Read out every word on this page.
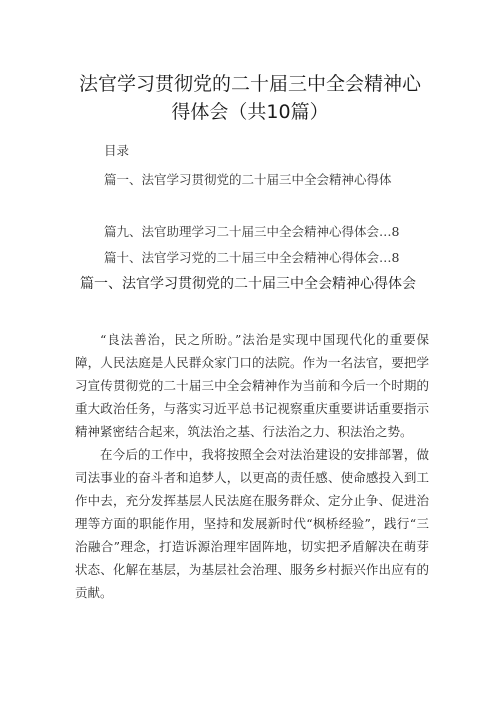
法官学习贯彻党的二十届三中全会精神心
得体会（共10篇）
目录
篇一、法官学习贯彻党的二十届三中全会精神心得体
篇九、法官助理学习二十届三中全会精神心得体会…8
篇十、法官学习党的二十届三中全会精神心得体会…8
篇一、法官学习贯彻党的二十届三中全会精神心得体会

“良法善治，民之所盼。”法治是实现中国现代化的重要保障，人民法庭是人民群众家门口的法院。作为一名法官，要把学习宣传贯彻党的二十届三中全会精神作为当前和今后一个时期的重大政治任务，与落实习近平总书记视察重庆重要讲话重要指示精神紧密结合起来，筑法治之基、行法治之力、积法治之势。

在今后的工作中，我将按照全会对法治建设的安排部署，做司法事业的奋斗者和追梦人，以更高的责任感、使命感投入到工作中去，充分发挥基层人民法庭在服务群众、定分止争、促进治理等方面的职能作用，坚持和发展新时代“枫桥经验”，践行“三治融合”理念，打造诉源治理牢固阵地，切实把矛盾解决在萌芽状态、化解在基层，为基层社会治理、服务乡村振兴作出应有的贡献。
